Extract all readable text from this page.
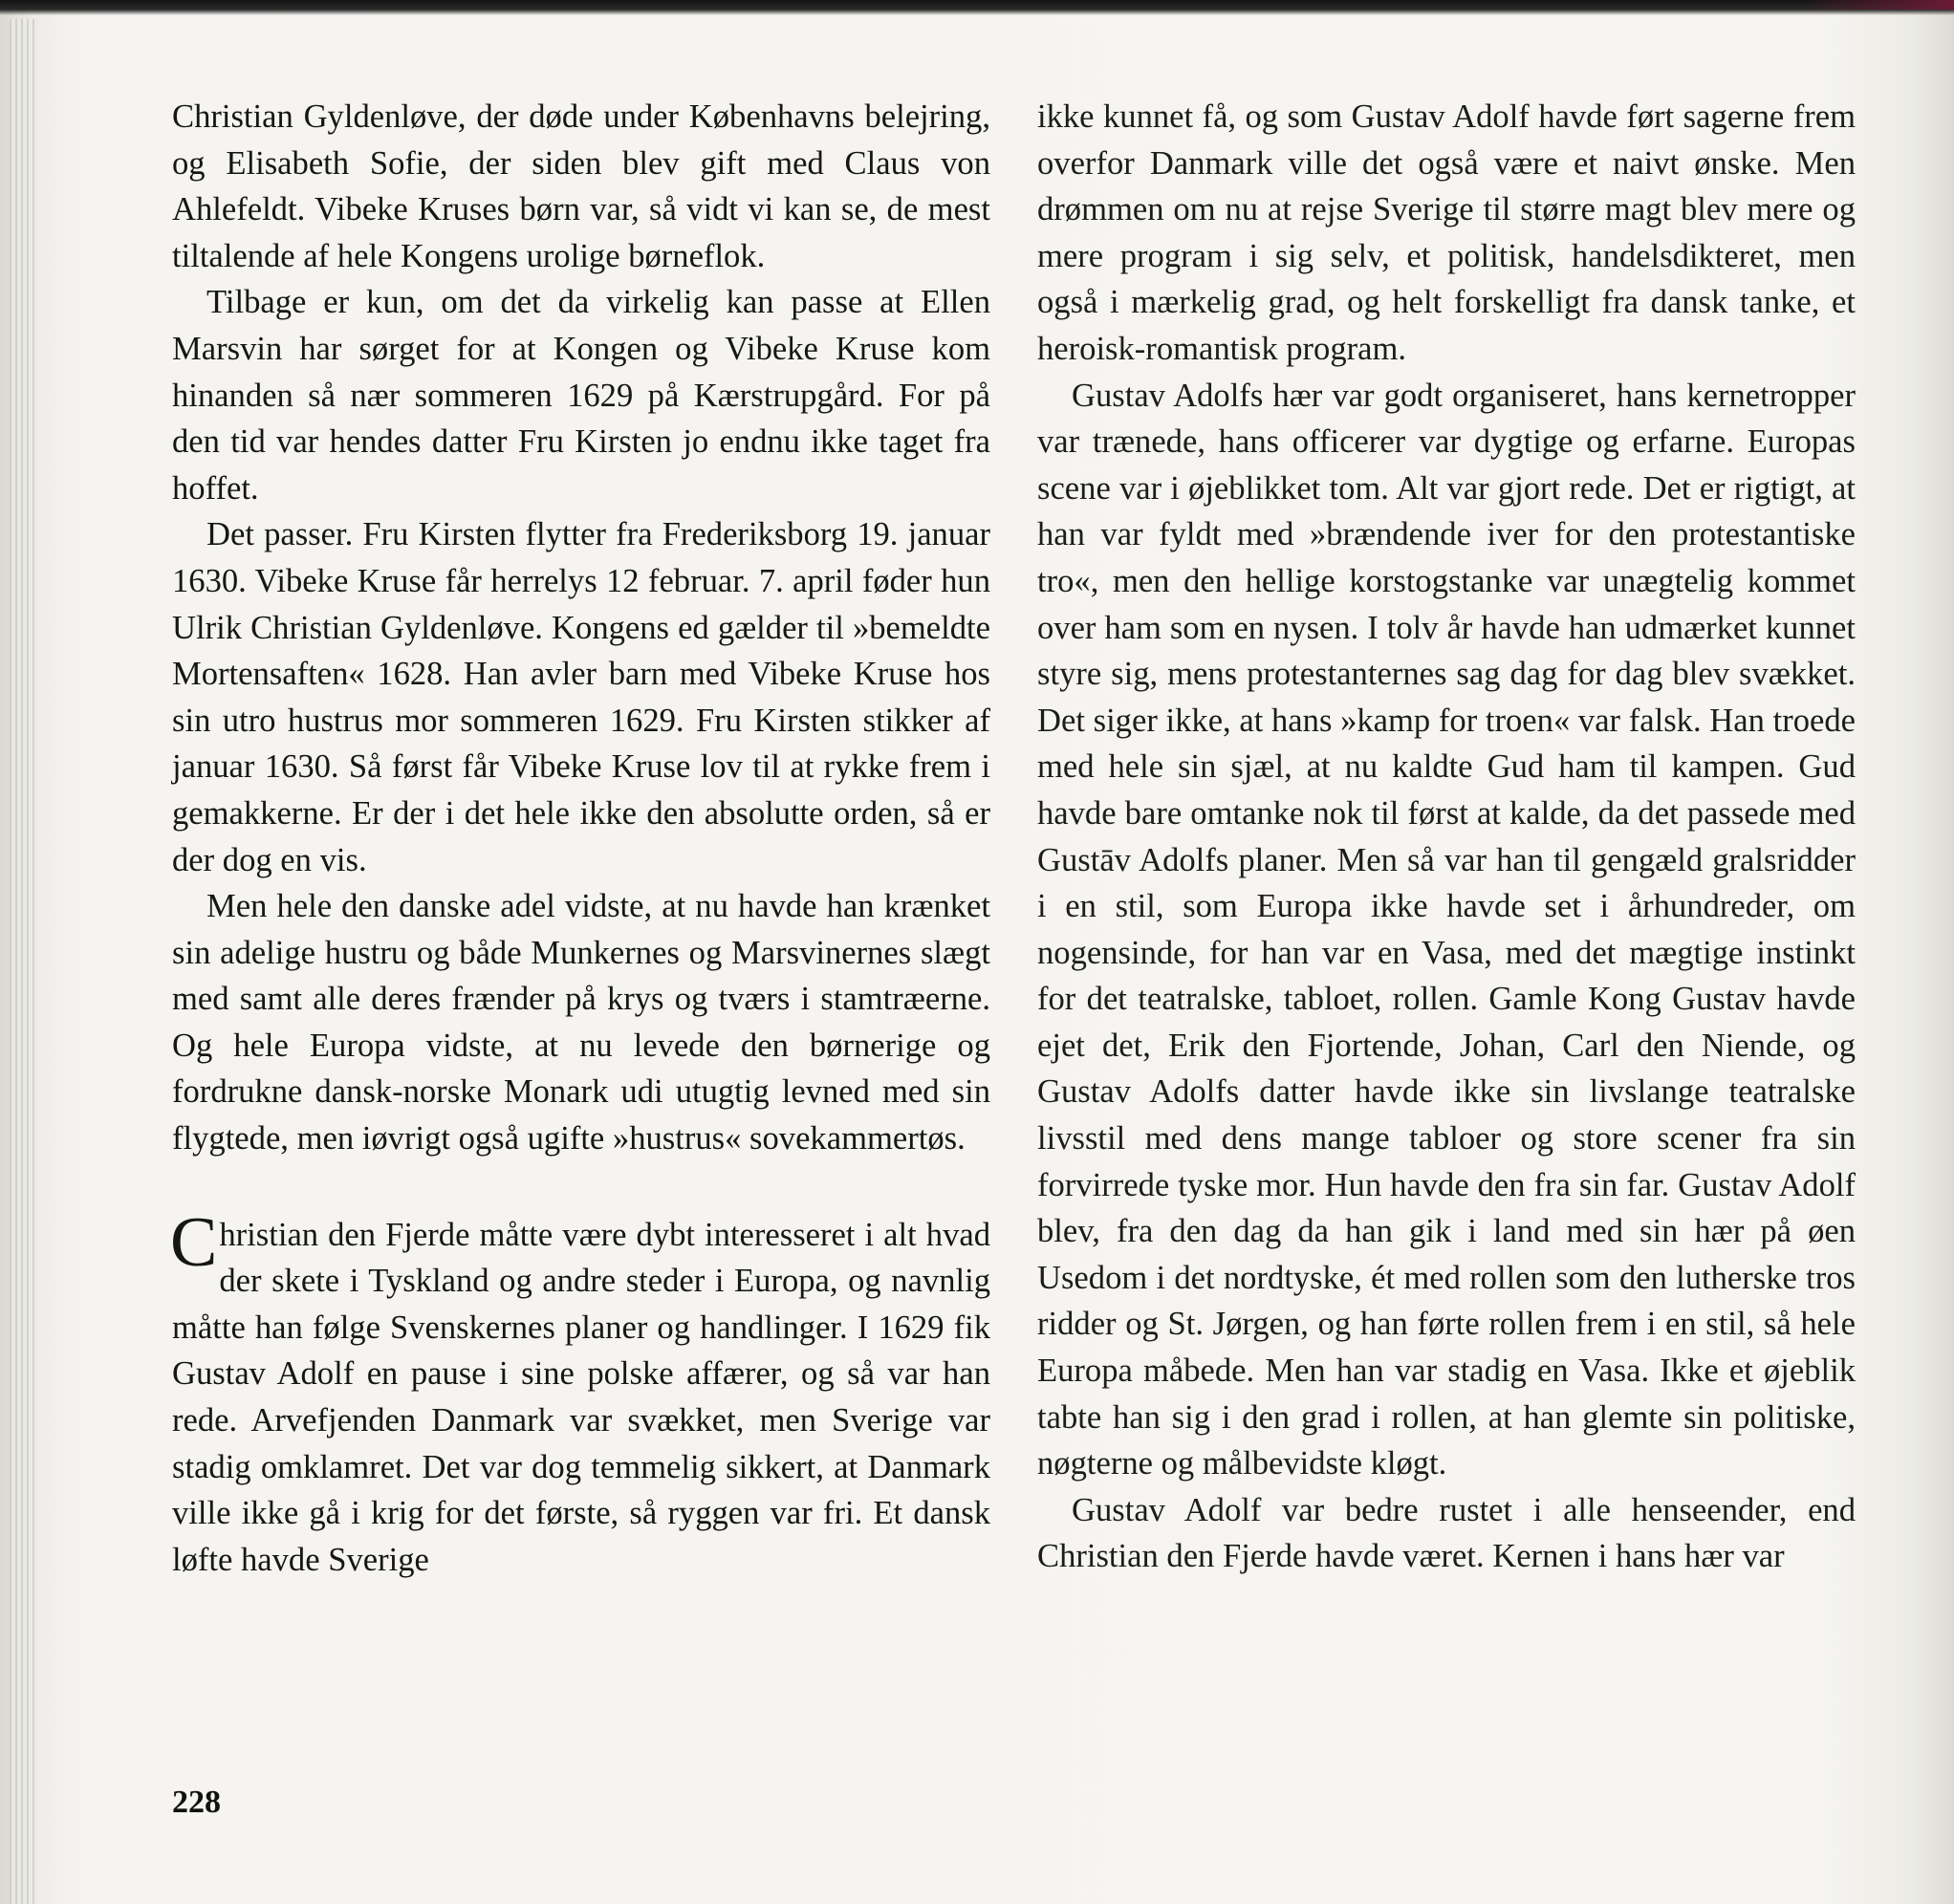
Christian Gyldenløve, der døde under Københavns belejring, og Elisabeth Sofie, der siden blev gift med Claus von Ahlefeldt. Vibeke Kruses børn var, så vidt vi kan se, de mest tiltalende af hele Kongens urolige børneflok.

Tilbage er kun, om det da virkelig kan passe at Ellen Marsvin har sørget for at Kongen og Vibeke Kruse kom hinanden så nær sommeren 1629 på Kærstrupgård. For på den tid var hendes datter Fru Kirsten jo endnu ikke taget fra hoffet.

Det passer. Fru Kirsten flytter fra Frederiksborg 19. januar 1630. Vibeke Kruse får herrelys 12 februar. 7. april føder hun Ulrik Christian Gyldenløve. Kongens ed gælder til »bemeldte Mortensaften« 1628. Han avler barn med Vibeke Kruse hos sin utro hustrus mor sommeren 1629. Fru Kirsten stikker af januar 1630. Så først får Vibeke Kruse lov til at rykke frem i gemakkerne. Er der i det hele ikke den absolutte orden, så er der dog en vis.

Men hele den danske adel vidste, at nu havde han krænket sin adelige hustru og både Munkernes og Marsvinernes slægt med samt alle deres frænder på krys og tværs i stamtræerne. Og hele Europa vidste, at nu levede den børnerige og fordrukne dansk-norske Monark udi utugtig levned med sin flygtede, men iøvrigt også ugifte »hustrus« sovekammertøs.

Christian den Fjerde måtte være dybt interesseret i alt hvad der skete i Tyskland og andre steder i Europa, og navnlig måtte han følge Svenskernes planer og handlinger. I 1629 fik Gustav Adolf en pause i sine polske affærer, og så var han rede. Arvefjenden Danmark var svækket, men Sverige var stadig omklamret. Det var dog temmelig sikkert, at Danmark ville ikke gå i krig for det første, så ryggen var fri. Et dansk løfte havde Sverige

ikke kunnet få, og som Gustav Adolf havde ført sagerne frem overfor Danmark ville det også være et naivt ønske. Men drømmen om nu at rejse Sverige til større magt blev mere og mere program i sig selv, et politisk, handelsdikteret, men også i mærkelig grad, og helt forskelligt fra dansk tanke, et heroisk-romantisk program.

Gustav Adolfs hær var godt organiseret, hans kernetropper var trænede, hans officerer var dygtige og erfarne. Europas scene var i øjeblikket tom. Alt var gjort rede. Det er rigtigt, at han var fyldt med »brændende iver for den protestantiske tro«, men den hellige korstogstanke var unægtelig kommet over ham som en nysen. I tolv år havde han udmærket kunnet styre sig, mens protestanternes sag dag for dag blev svækket. Det siger ikke, at hans »kamp for troen« var falsk. Han troede med hele sin sjæl, at nu kaldte Gud ham til kampen. Gud havde bare omtanke nok til først at kalde, da det passede med Gustāv Adolfs planer. Men så var han til gengæld gralsridder i en stil, som Europa ikke havde set i århundreder, om nogensinde, for han var en Vasa, med det mægtige instinkt for det teatralske, tabloet, rollen. Gamle Kong Gustav havde ejet det, Erik den Fjortende, Johan, Carl den Niende, og Gustav Adolfs datter havde ikke sin livslange teatralske livsstil med dens mange tabloer og store scener fra sin forvirrede tyske mor. Hun havde den fra sin far. Gustav Adolf blev, fra den dag da han gik i land med sin hær på øen Usedom i det nordtyske, ét med rollen som den lutherske tros ridder og St. Jørgen, og han førte rollen frem i en stil, så hele Europa måbede. Men han var stadig en Vasa. Ikke et øjeblik tabte han sig i den grad i rollen, at han glemte sin politiske, nøgterne og målbevidste kløgt.

Gustav Adolf var bedre rustet i alle henseender, end Christian den Fjerde havde været. Kernen i hans hær var

228
